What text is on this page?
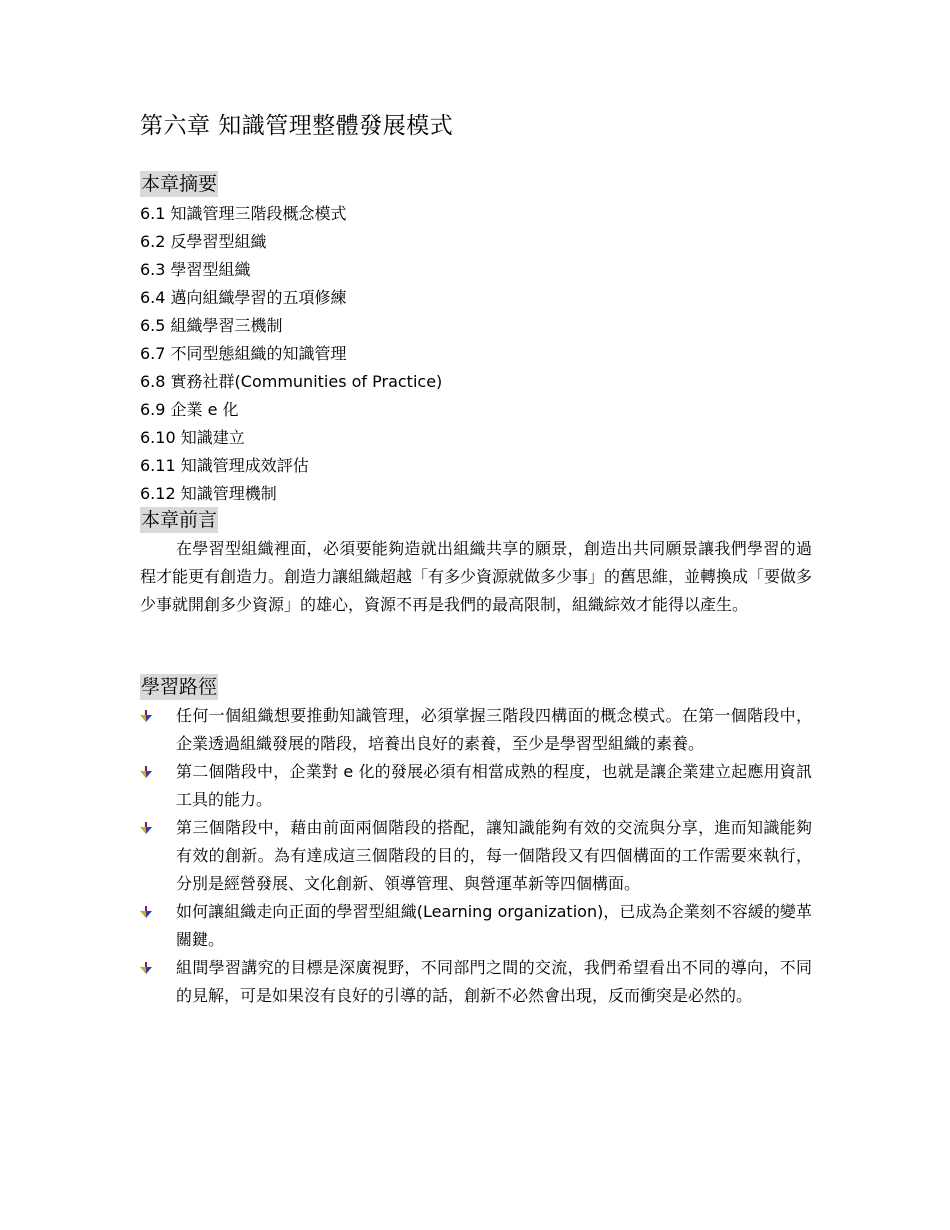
第六章 知識管理整體發展模式
本章摘要
6.1 知識管理三階段概念模式
6.2 反學習型組織
6.3 學習型組織
6.4 邁向組織學習的五項修練
6.5 組織學習三機制
6.7 不同型態組織的知識管理
6.8 實務社群(Communities of Practice)
6.9 企業 e 化
6.10 知識建立
6.11 知識管理成效評估
6.12 知識管理機制
本章前言

在學習型組織裡面，必須要能夠造就出組織共享的願景，創造出共同願景讓我們學習的過程才能更有創造力。創造力讓組織超越「有多少資源就做多少事」的舊思維，並轉換成「要做多少事就開創多少資源」的雄心，資源不再是我們的最高限制，組織綜效才能得以產生。

學習路徑
任何一個組織想要推動知識管理，必須掌握三階段四構面的概念模式。在第一個階段中，企業透過組織發展的階段，培養出良好的素養，至少是學習型組織的素養。
第二個階段中，企業對 e 化的發展必須有相當成熟的程度，也就是讓企業建立起應用資訊工具的能力。
第三個階段中，藉由前面兩個階段的搭配，讓知識能夠有效的交流與分享，進而知識能夠有效的創新。為有達成這三個階段的目的，每一個階段又有四個構面的工作需要來執行，分別是經營發展、文化創新、領導管理、與營運革新等四個構面。
如何讓組織走向正面的學習型組織(Learning organization)，已成為企業刻不容緩的變革關鍵。
組間學習講究的目標是深廣視野，不同部門之間的交流，我們希望看出不同的導向，不同的見解，可是如果沒有良好的引導的話，創新不必然會出現，反而衝突是必然的。
